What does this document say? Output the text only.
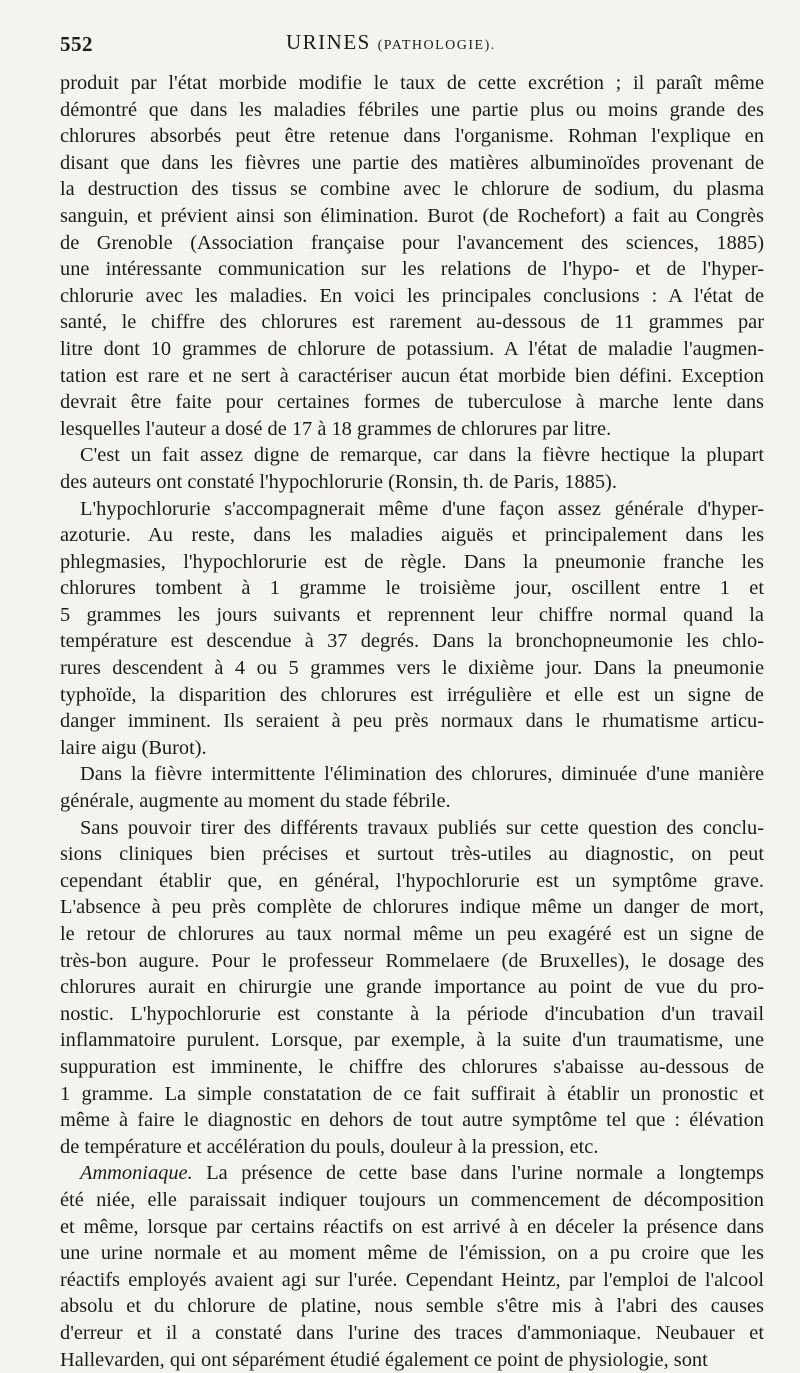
552	URINES (PATHOLOGIE).
produit par l'état morbide modifie le taux de cette excrétion ; il paraît même
démontré que dans les maladies fébriles une partie plus ou moins grande des
chlorures absorbés peut être retenue dans l'organisme. Rohman l'explique en
disant que dans les fièvres une partie des matières albuminoïdes provenant de
la destruction des tissus se combine avec le chlorure de sodium, du plasma
sanguin, et prévient ainsi son élimination. Burot (de Rochefort) a fait au Congrès
de Grenoble (Association française pour l'avancement des sciences, 1885)
une intéressante communication sur les relations de l'hypo- et de l'hyper-
chlorurie avec les maladies. En voici les principales conclusions : A l'état de
santé, le chiffre des chlorures est rarement au-dessous de 11 grammes par
litre dont 10 grammes de chlorure de potassium. A l'état de maladie l'augmen-
tation est rare et ne sert à caractériser aucun état morbide bien défini. Exception
devrait être faite pour certaines formes de tuberculose à marche lente dans
lesquelles l'auteur a dosé de 17 à 18 grammes de chlorures par litre.
C'est un fait assez digne de remarque, car dans la fièvre hectique la plupart
des auteurs ont constaté l'hypochlorurie (Ronsin, th. de Paris, 1885).
L'hypochlorurie s'accompagnerait même d'une façon assez générale d'hyper-
azoturie. Au reste, dans les maladies aiguës et principalement dans les
phlegmasies, l'hypochlorurie est de règle. Dans la pneumonie franche les
chlorures tombent à 1 gramme le troisième jour, oscillent entre 1 et
5 grammes les jours suivants et reprennent leur chiffre normal quand la
température est descendue à 37 degrés. Dans la bronchopneumonie les chlo-
rures descendent à 4 ou 5 grammes vers le dixième jour. Dans la pneumonie
typhoïde, la disparition des chlorures est irrégulière et elle est un signe de
danger imminent. Ils seraient à peu près normaux dans le rhumatisme articu-
laire aigu (Burot).
Dans la fièvre intermittente l'élimination des chlorures, diminuée d'une manière
générale, augmente au moment du stade fébrile.
Sans pouvoir tirer des différents travaux publiés sur cette question des conclu-
sions cliniques bien précises et surtout très-utiles au diagnostic, on peut
cependant établir que, en général, l'hypochlorurie est un symptôme grave.
L'absence à peu près complète de chlorures indique même un danger de mort,
le retour de chlorures au taux normal même un peu exagéré est un signe de
très-bon augure. Pour le professeur Rommelaere (de Bruxelles), le dosage des
chlorures aurait en chirurgie une grande importance au point de vue du pro-
nostic. L'hypochlorurie est constante à la période d'incubation d'un travail
inflammatoire purulent. Lorsque, par exemple, à la suite d'un traumatisme, une
suppuration est imminente, le chiffre des chlorures s'abaisse au-dessous de
1 gramme. La simple constatation de ce fait suffirait à établir un pronostic et
même à faire le diagnostic en dehors de tout autre symptôme tel que : élévation
de température et accélération du pouls, douleur à la pression, etc.
Ammoniaque. La présence de cette base dans l'urine normale a longtemps
été niée, elle paraissait indiquer toujours un commencement de décomposition
et même, lorsque par certains réactifs on est arrivé à en déceler la présence dans
une urine normale et au moment même de l'émission, on a pu croire que les
réactifs employés avaient agi sur l'urée. Cependant Heintz, par l'emploi de l'alcool
absolu et du chlorure de platine, nous semble s'être mis à l'abri des causes
d'erreur et il a constaté dans l'urine des traces d'ammoniaque. Neubauer et
Hallevarden, qui ont séparément étudié également ce point de physiologie, sont
